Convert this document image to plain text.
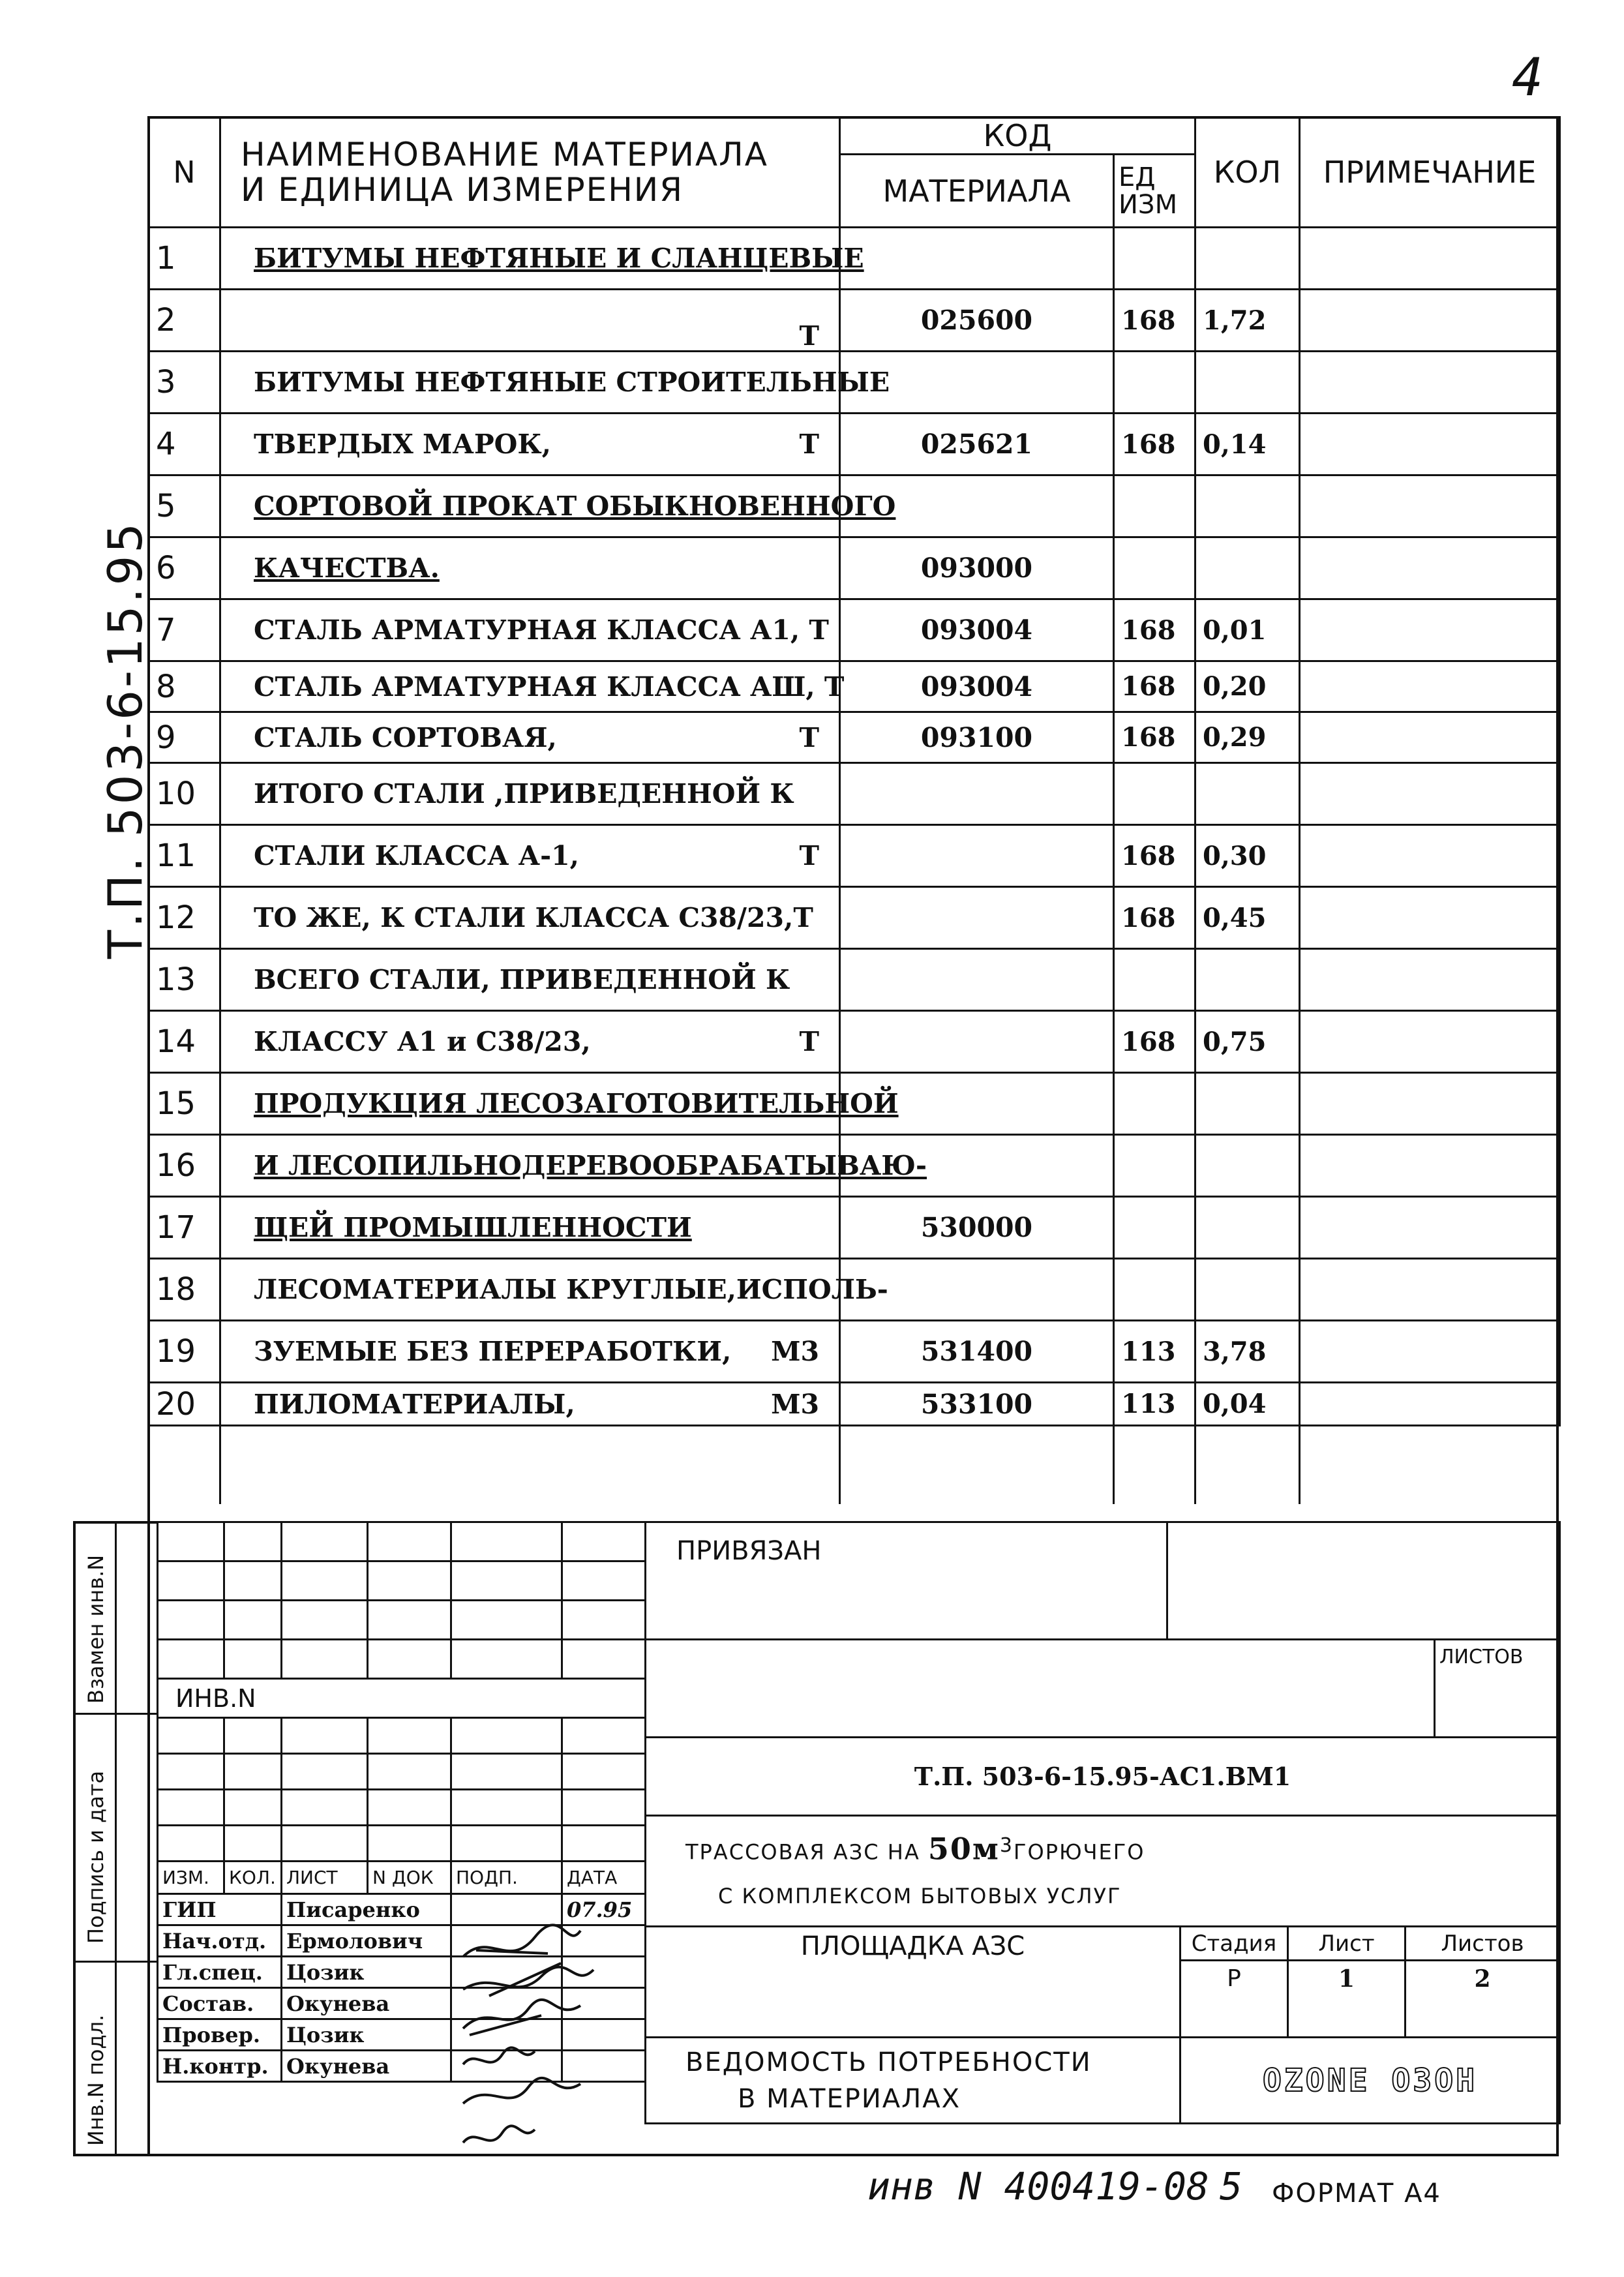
4
Т.П. 503-6-15.95
N	НАИМЕНОВАНИЕ МАТЕРИАЛА
И ЕДИНИЦА ИЗМЕРЕНИЯ	КОД		КОЛ	ПРИМЕЧАНИЕ
		МАТЕРИАЛА	ЕД
ИЗМ		

1	БИТУМЫ НЕФТЯНЫЕ И СЛАНЦЕВЫЕ

2	Т	025600	168	1,72	
3	БИТУМЫ НЕФТЯНЫЕ СТРОИТЕЛЬНЫЕ

4	ТВЕРДЫХ МАРОК, Т	025621	168	0,14	
5	СОРТОВОЙ ПРОКАТ ОБЫКНОВЕННОГО

6	КАЧЕСТВА.	093000			
7	СТАЛЬ АРМАТУРНАЯ КЛАССА А1, Т	093004	168	0,01	
8	СТАЛЬ АРМАТУРНАЯ КЛАССА АШ, Т	093004	168	0,20	
9	СТАЛЬ СОРТОВАЯ, Т	093100	168	0,29	
10	ИТОГО СТАЛИ ,ПРИВЕДЕННОЙ К

11	СТАЛИ КЛАССА А-1, Т		168	0,30	
12	ТО ЖЕ, К СТАЛИ КЛАССА С38/23,Т		168	0,45	
13	ВСЕГО СТАЛИ, ПРИВЕДЕННОЙ К

14	КЛАССУ А1 и С38/23, Т		168	0,75	
15	ПРОДУКЦИЯ ЛЕСОЗАГОТОВИТЕЛЬНОЙ

16	И ЛЕСОПИЛЬНОДЕРЕВООБРАБАТЫВАЮ-

17	ЩЕЙ ПРОМЫШЛЕННОСТИ	530000			
18	ЛЕСОМАТЕРИАЛЫ КРУГЛЫЕ,ИСПОЛЬ-

19	ЗУЕМЫЕ БЕЗ ПЕРЕРАБОТКИ, М3	531400	113	3,78	
20	ПИЛОМАТЕРИАЛЫ, М3	533100	113	0,04	

ПРИВЯЗАН		
		ЛИСТОВ
Т.П. 503-6-15.95-АС1.ВМ1		

ТРАССОВАЯ АЗС НА $50м^3ГОРЮЧЕГО$
С КОМПЛЕКСОМ БЫТОВЫХ УСЛУГ		
ПЛОЩАДКА АЗС	Стадия	Лист	Листов
	Р	1	2

ВЕДОМОСТЬ ПОТРЕБНОСТИ
В МАТЕРИАЛАХ	OZONE ОЗОН		

ИНВ.N					

ИЗМ.	КОЛ.	ЛИСТ	N ДОК	ПОДП.	ДАТА
ГИП		Писаренко			07.95
Нач.отд.		Ермолович			
Гл.спец.		Цозик			
Состав.		Окунева			
Провер.		Цозик			
Н.контр.		Окунева			
Взамен инв.N
Подпись и дата
Инв.N подл.
инв N 400419-08 5 ФОРМАТ А4
